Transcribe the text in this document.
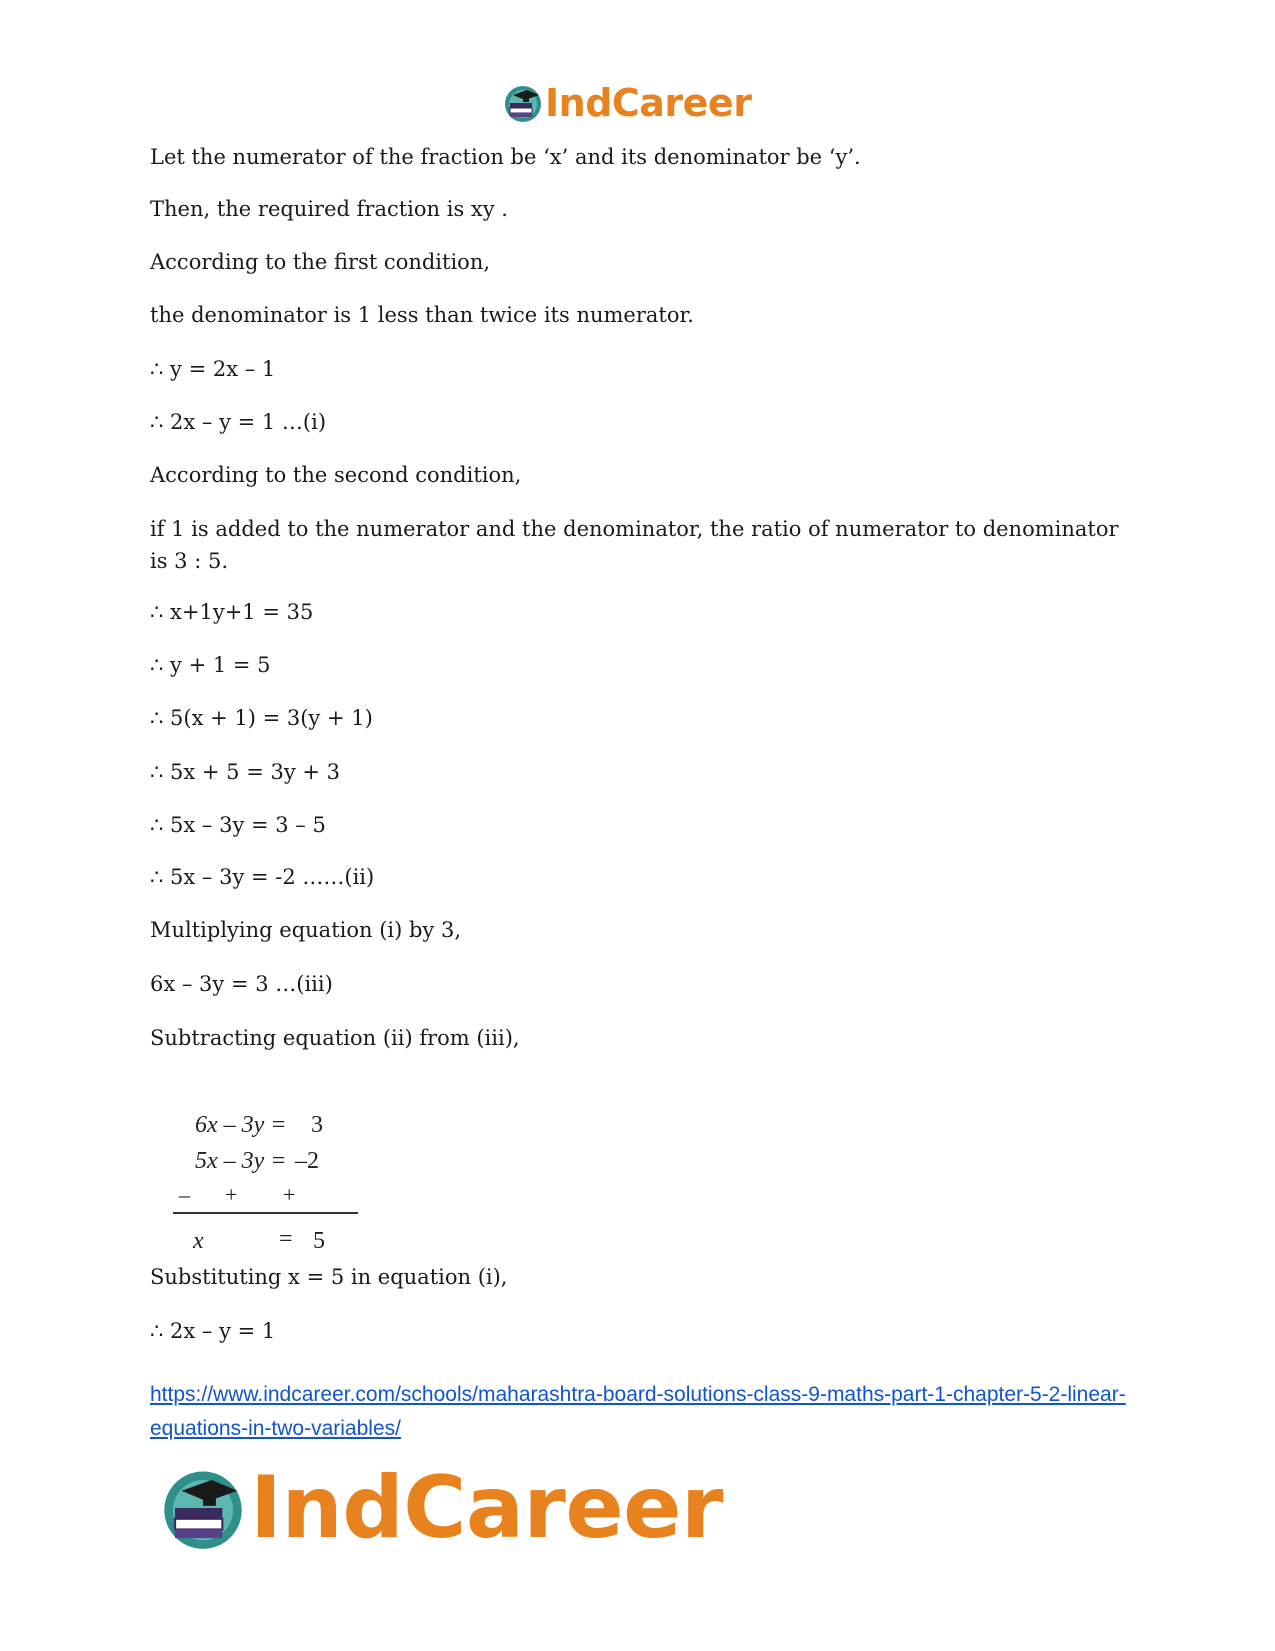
IndCareer
Let the numerator of the fraction be ‘x’ and its denominator be ‘y’.
Then, the required fraction is xy .
According to the first condition,
the denominator is 1 less than twice its numerator.
∴ y = 2x – 1
∴ 2x – y = 1 …(i)
According to the second condition,
if 1 is added to the numerator and the denominator, the ratio of numerator to denominator is 3 : 5.
∴ x+1y+1 = 35
∴ y + 1 = 5
∴ 5(x + 1) = 3(y + 1)
∴ 5x + 5 = 3y + 3
∴ 5x – 3y = 3 – 5
∴ 5x – 3y = -2 ……(ii)
Multiplying equation (i) by 3,
6x – 3y = 3 …(iii)
Subtracting equation (ii) from (iii),
Substituting x = 5 in equation (i),
∴ 2x – y = 1
6x – 3y = 3
5x – 3y = –2
– + +
x	= 5
https://www.indcareer.com/schools/maharashtra-board-solutions-class-9-maths-part-1-chapter-5-2-linear-equations-in-two-variables/
IndCareer
